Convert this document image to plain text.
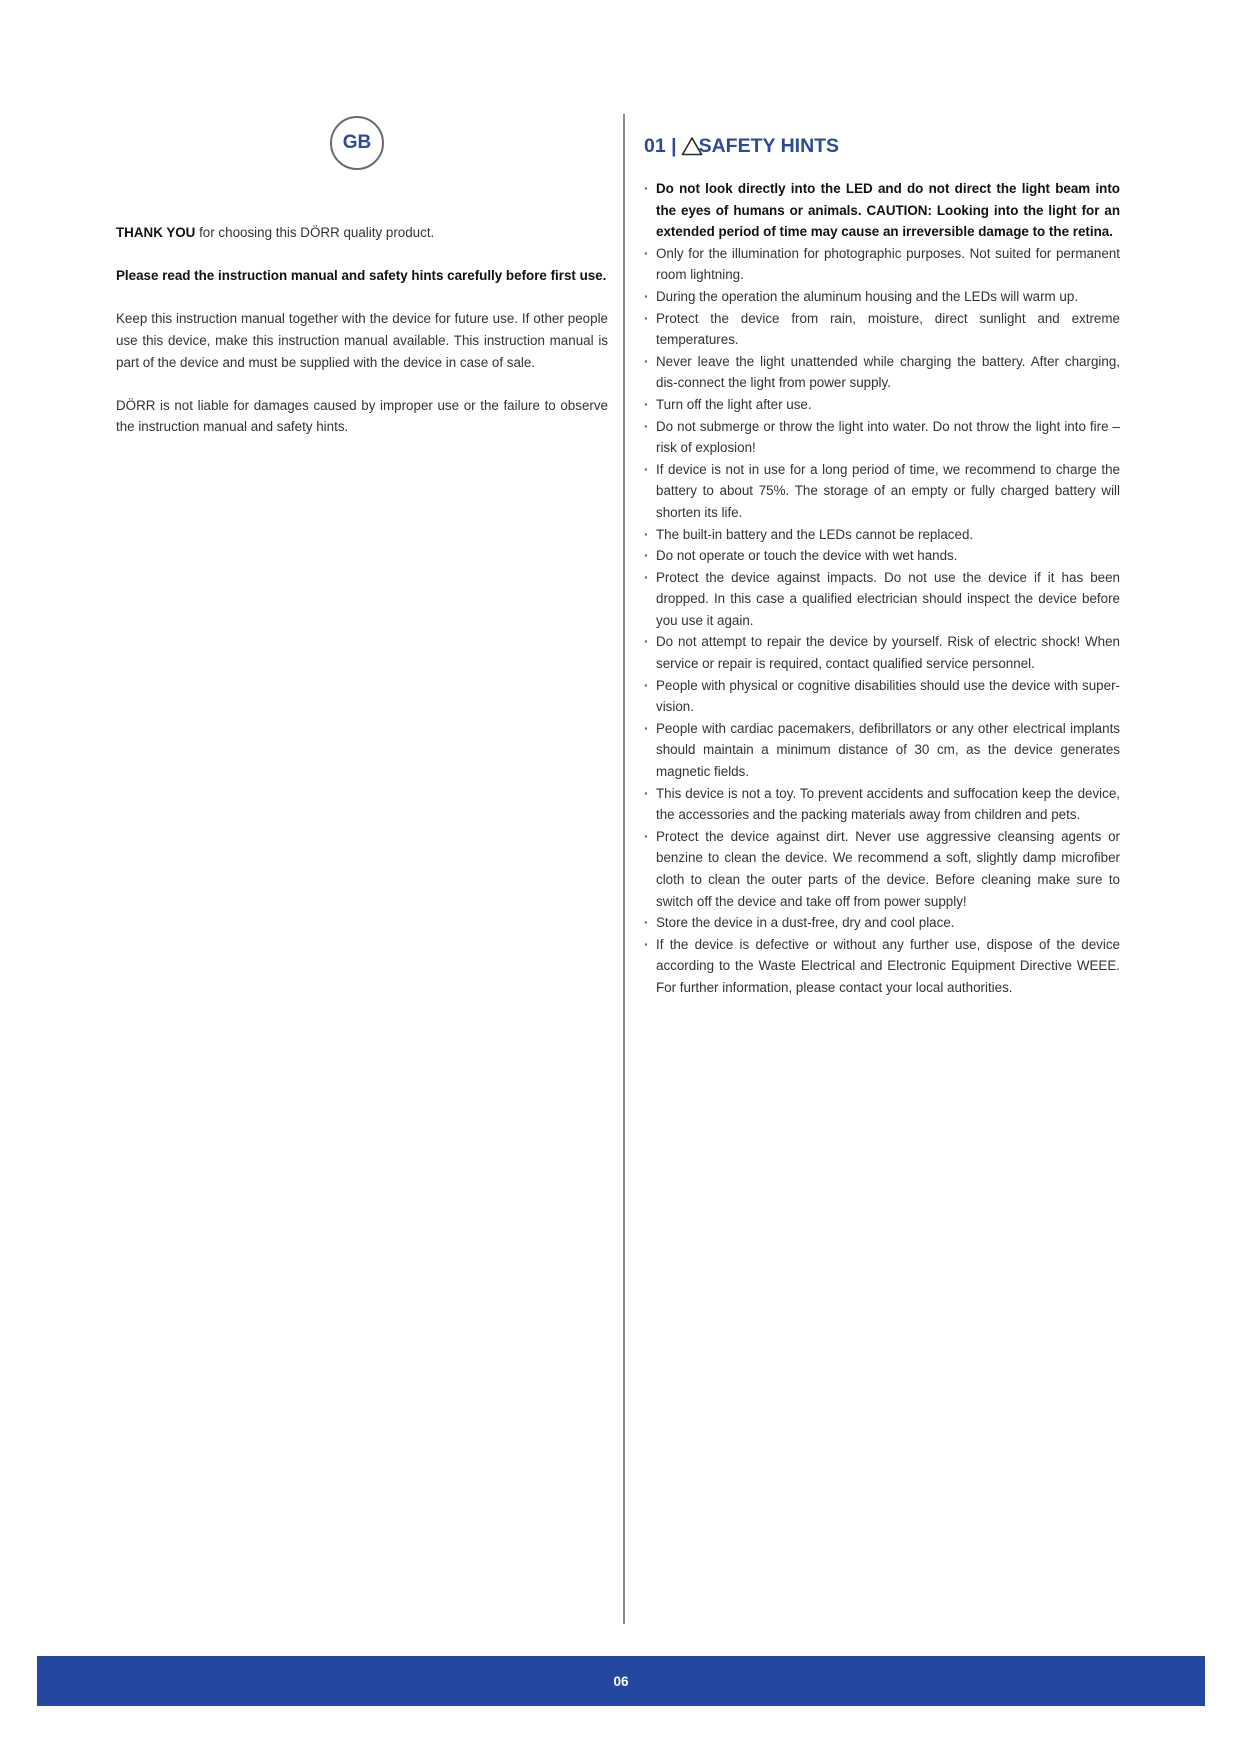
GB

THANK YOU for choosing this DÖRR quality product.

Please read the instruction manual and safety hints carefully before first use.

Keep this instruction manual together with the device for future use. If other people use this device, make this instruction manual available. This instruction manual is part of the device and must be supplied with the device in case of sale.

DÖRR is not liable for damages caused by improper use or the failure to observe the instruction manual and safety hints.

01 | SAFETY HINTS
· Do not look directly into the LED and do not direct the light beam into the eyes of humans or animals. CAUTION: Looking into the light for an extended period of time may cause an irreversible damage to the retina.
· Only for the illumination for photographic purposes. Not suited for permanent room lightning.
· During the operation the aluminum housing and the LEDs will warm up.
· Protect the device from rain, moisture, direct sunlight and extreme temperatures.
· Never leave the light unattended while charging the battery. After charging, dis-connect the light from power supply.
· Turn off the light after use.
· Do not submerge or throw the light into water. Do not throw the light into fire – risk of explosion!
· If device is not in use for a long period of time, we recommend to charge the battery to about 75%. The storage of an empty or fully charged battery will shorten its life.
· The built-in battery and the LEDs cannot be replaced.
· Do not operate or touch the device with wet hands.
· Protect the device against impacts. Do not use the device if it has been dropped. In this case a qualified electrician should inspect the device before you use it again.
· Do not attempt to repair the device by yourself. Risk of electric shock! When service or repair is required, contact qualified service personnel.
· People with physical or cognitive disabilities should use the device with super-vision.
· People with cardiac pacemakers, defibrillators or any other electrical implants should maintain a minimum distance of 30 cm, as the device generates magnetic fields.
· This device is not a toy. To prevent accidents and suffocation keep the device, the accessories and the packing materials away from children and pets.
· Protect the device against dirt. Never use aggressive cleansing agents or benzine to clean the device. We recommend a soft, slightly damp microfiber cloth to clean the outer parts of the device. Before cleaning make sure to switch off the device and take off from power supply!
· Store the device in a dust-free, dry and cool place.
· If the device is defective or without any further use, dispose of the device according to the Waste Electrical and Electronic Equipment Directive WEEE. For further information, please contact your local authorities.
06
